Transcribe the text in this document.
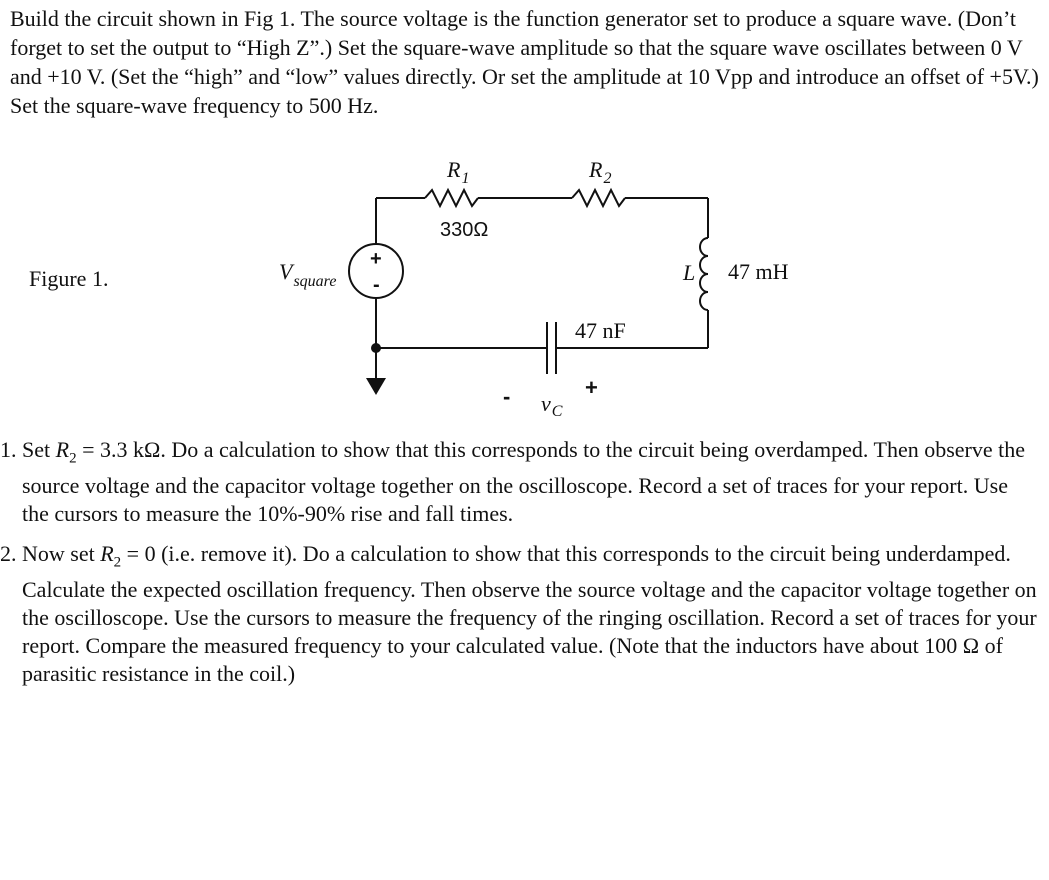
Build the circuit shown in Fig 1. The source voltage is the function generator set to produce a square wave. (Don’t forget to set the output to “High Z”.) Set the square-wave amplitude so that the square wave oscillates between 0 V and +10 V. (Set the “high” and “low” values directly. Or set the amplitude at 10 Vpp and introduce an offset of +5V.) Set the square-wave frequency to 500 Hz.

Figure 1.
+
-
$V_{square}$
$R_1$
330Ω
$R_2$
L 47 mH
47 nF
-	+
$v_C$
1. Set $R_2 = 3.3$ kΩ. Do a calculation to show that this corresponds to the circuit being overdamped. Then observe the source voltage and the capacitor voltage together on the oscilloscope. Record a set of traces for your report. Use the cursors to measure the 10%-90% rise and fall times.
2. Now set $R_2 = 0$ (i.e. remove it). Do a calculation to show that this corresponds to the circuit being underdamped. Calculate the expected oscillation frequency. Then observe the source voltage and the capacitor voltage together on the oscilloscope. Use the cursors to measure the frequency of the ringing oscillation. Record a set of traces for your report. Compare the measured frequency to your calculated value. (Note that the inductors have about 100 Ω of parasitic resistance in the coil.)
